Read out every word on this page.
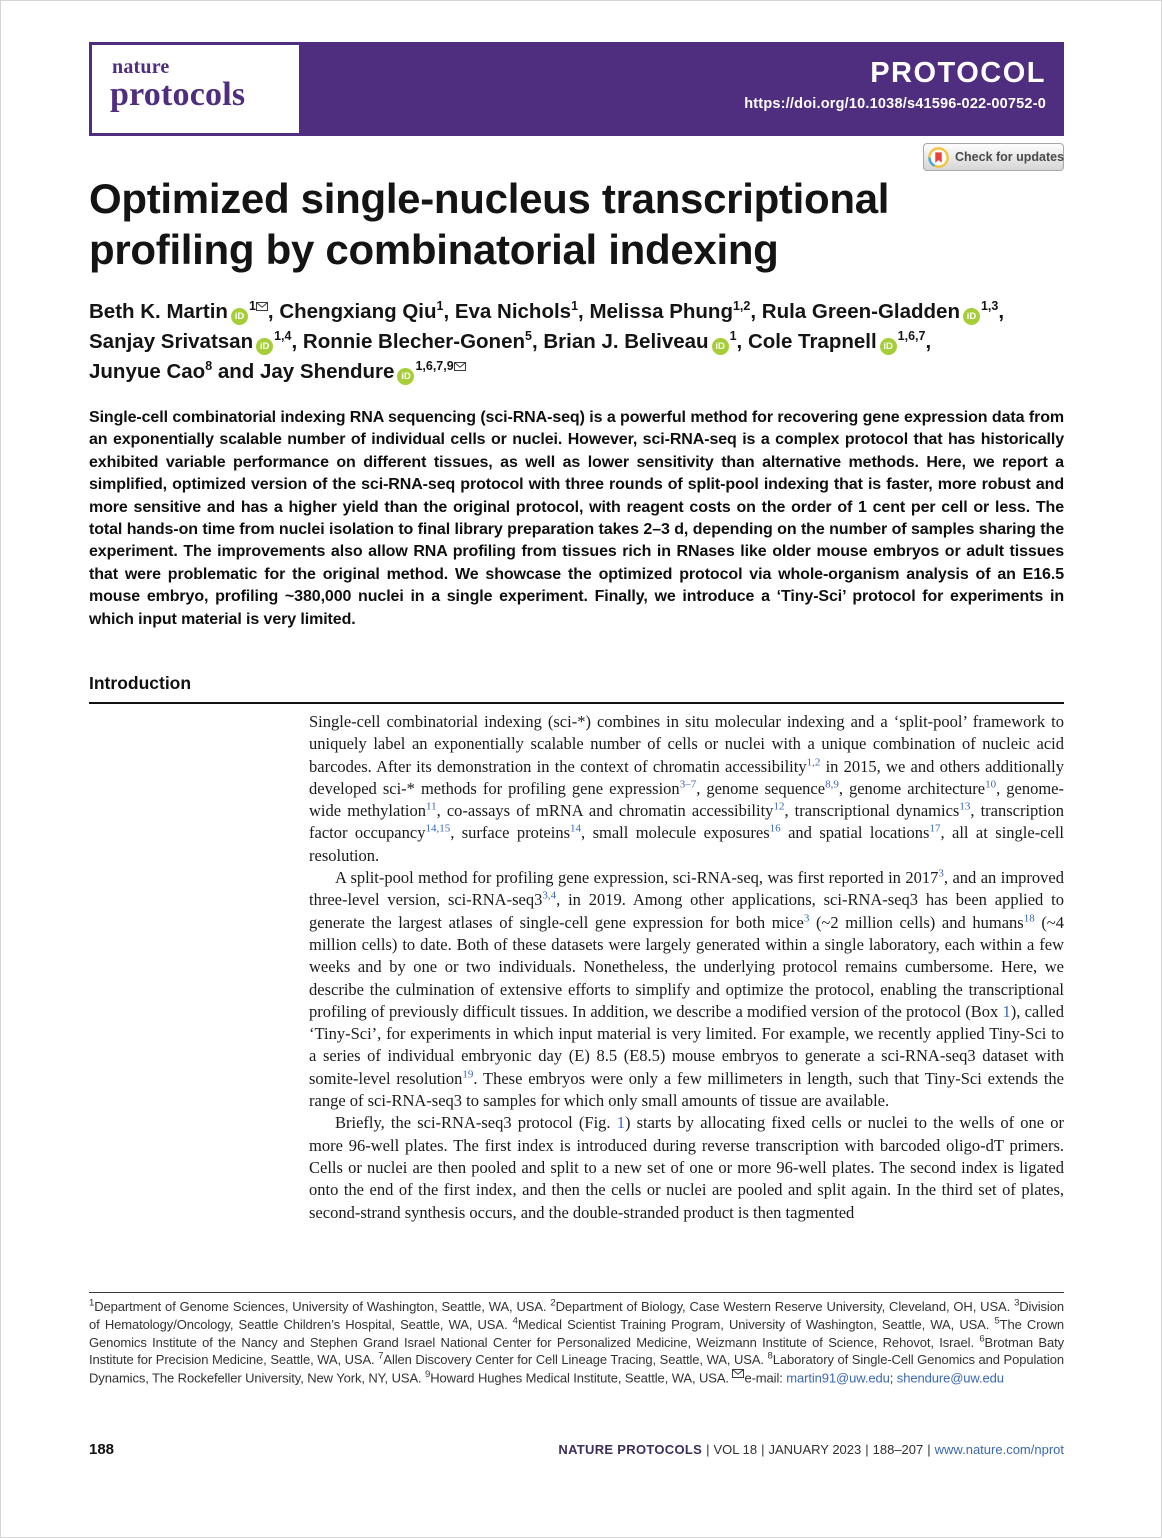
nature
protocols
PROTOCOL
https://doi.org/10.1038/s41596-022-00752-0
Check for updates
Optimized single-nucleus transcriptional
profiling by combinatorial indexing
Beth K. Martin $iD^1$ , Chengxiang Qiu$^1$, Eva Nichols$^1$, Melissa Phung$^{1,2}$, Rula Green-Gladden iD$^{1,3}$,
Sanjay Srivatsan iD$^{1,4}$, Ronnie Blecher-Gonen$^5$, Brian J. Beliveau $iD^1$, Cole Trapnell iD$^{1,6,7}$,
Junyue Cao$^8$ and Jay Shendure iD$^{1,6,7,9}$

Single-cell combinatorial indexing RNA sequencing (sci-RNA-seq) is a powerful method for recovering gene expression data from an exponentially scalable number of individual cells or nuclei. However, sci-RNA-seq is a complex protocol that has historically exhibited variable performance on different tissues, as well as lower sensitivity than alternative methods. Here, we report a simplified, optimized version of the sci-RNA-seq protocol with three rounds of split-pool indexing that is faster, more robust and more sensitive and has a higher yield than the original protocol, with reagent costs on the order of 1 cent per cell or less. The total hands-on time from nuclei isolation to final library preparation takes 2–3 d, depending on the number of samples sharing the experiment. The improvements also allow RNA profiling from tissues rich in RNases like older mouse embryos or adult tissues that were problematic for the original method. We showcase the optimized protocol via whole-organism analysis of an E16.5 mouse embryo, profiling ~380,000 nuclei in a single experiment. Finally, we introduce a ‘Tiny-Sci’ protocol for experiments in which input material is very limited.

Introduction

Single-cell combinatorial indexing (sci-*) combines in situ molecular indexing and a ‘split-pool’ framework to uniquely label an exponentially scalable number of cells or nuclei with a unique combination of nucleic acid barcodes. After its demonstration in the context of chromatin accessibility$^{1,2}$ in 2015, we and others additionally developed sci-* methods for profiling gene expression$^{3-7}$, genome sequence$^{8,9}$, genome architecture$^{10}$, genome-wide methylation$^{11}$, co-assays of mRNA and chromatin accessibility$^{12}$, transcriptional dynamics$^{13}$, transcription factor occupancy$^{14,15}$, surface proteins$^{14}$, small molecule exposures$^{16}$ and spatial locations$^{17}$, all at single-cell resolution.

A split-pool method for profiling gene expression, sci-RNA-seq, was first reported in 2017$^3$, and an improved three-level version, sci-RNA-seq3$^{3,4}$, in 2019. Among other applications, sci-RNA-seq3 has been applied to generate the largest atlases of single-cell gene expression for both mice$^3$ (~2 million cells) and humans$^{18}$ (~4 million cells) to date. Both of these datasets were largely generated within a single laboratory, each within a few weeks and by one or two individuals. Nonetheless, the underlying protocol remains cumbersome. Here, we describe the culmination of extensive efforts to simplify and optimize the protocol, enabling the transcriptional profiling of previously difficult tissues. In addition, we describe a modified version of the protocol (Box 1), called ‘Tiny-Sci’, for experiments in which input material is very limited. For example, we recently applied Tiny-Sci to a series of individual embryonic day (E) 8.5 (E8.5) mouse embryos to generate a sci-RNA-seq3 dataset with somite-level resolution$^{19}$. These embryos were only a few millimeters in length, such that Tiny-Sci extends the range of sci-RNA-seq3 to samples for which only small amounts of tissue are available.

Briefly, the sci-RNA-seq3 protocol (Fig. 1) starts by allocating fixed cells or nuclei to the wells of one or more 96-well plates. The first index is introduced during reverse transcription with barcoded oligo-dT primers. Cells or nuclei are then pooled and split to a new set of one or more 96-well plates. The second index is ligated onto the end of the first index, and then the cells or nuclei are pooled and split again. In the third set of plates, second-strand synthesis occurs, and the double-stranded product is then tagmented

$^1$Department of Genome Sciences, University of Washington, Seattle, WA, USA. $^2$Department of Biology, Case Western Reserve University, Cleveland, OH, USA. $^3$Division of Hematology/Oncology, Seattle Children’s Hospital, Seattle, WA, USA. $^4$Medical Scientist Training Program, University of Washington, Seattle, WA, USA. $^5$The Crown Genomics Institute of the Nancy and Stephen Grand Israel National Center for Personalized Medicine, Weizmann Institute of Science, Rehovot, Israel. $^6$Brotman Baty Institute for Precision Medicine, Seattle, WA, USA. $^7$Allen Discovery Center for Cell Lineage Tracing, Seattle, WA, USA. $^8$Laboratory of Single-Cell Genomics and Population Dynamics, The Rockefeller University, New York, NY, USA. $^9$Howard Hughes Medical Institute, Seattle, WA, USA. e-mail: martin91@uw.edu; shendure@uw.edu

188	NATURE PROTOCOLS | VOL 18 | JANUARY 2023 | 188–207 | www.nature.com/nprot
